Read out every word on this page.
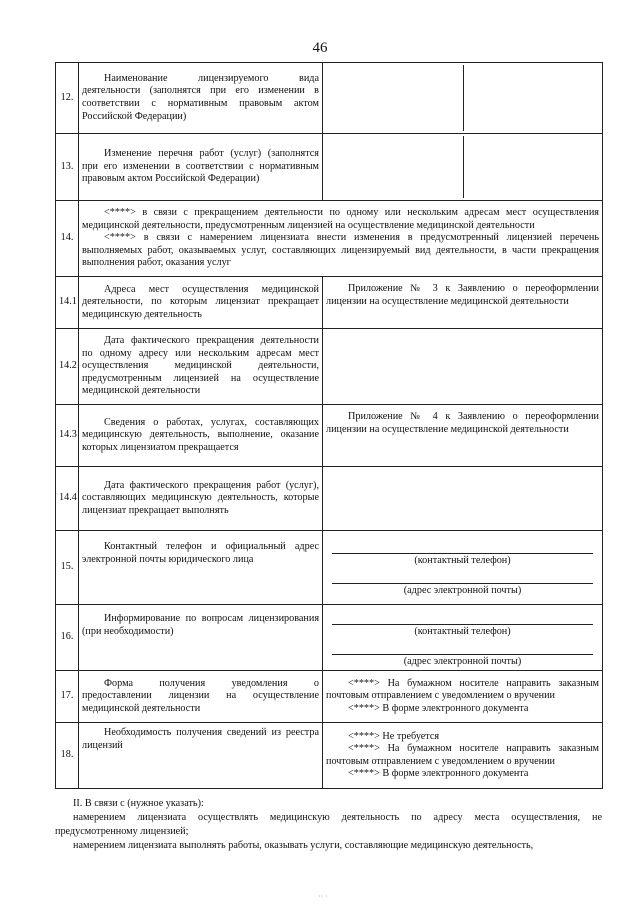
46
12.	Наименование лицензируемого вида деятельности (заполнятся при его изменении в соответствии с нормативным правовым актом Российской Федерации)	

13.	Изменение перечня работ (услуг) (заполнятся при его изменении в соответствии с нормативным правовым актом Российской Федерации)	

14.	<****> в связи с прекращением деятельности по одному или нескольким адресам мест осуществления медицинской деятельности, предусмотренным лицензией на осуществление медицинской деятельности
<****> в связи с намерением лицензиата внести изменения в предусмотренный лицензией перечень выполняемых работ, оказываемых услуг, составляющих лицензируемый вид деятельности, в части прекращения выполнения работ, оказания услуг	

14.1	Адреса мест осуществления медицинской деятельности, по которым лицензиат прекращает медицинскую деятельность	Приложение № 3 к Заявлению о переоформлении лицензии на осуществление медицинской деятельности
14.2	Дата фактического прекращения деятельности по одному адресу или нескольким адресам мест осуществления медицинской деятельности, предусмотренным лицензией на осуществление медицинской деятельности	
14.3	Сведения о работах, услугах, составляющих медицинскую деятельность, выполнение, оказание которых лицензиатом прекращается	Приложение № 4 к Заявлению о переоформлении лицензии на осуществление медицинской деятельности
14.4	Дата фактического прекращения работ (услуг), составляющих медицинскую деятельность, которые лицензиат прекращает выполнять	
15.	Контактный телефон и официальный адрес электронной почты юридического лица	(контактный телефон)
(адрес электронной почты)

16.	Информирование по вопросам лицензирования (при необходимости)	(контактный телефон)
(адрес электронной почты)

17.	Форма получения уведомления о предоставлении лицензии на осуществление медицинской деятельности	<****> На бумажном носителе направить заказным почтовым отправлением с уведомлением о вручении
<****> В форме электронного документа

18.	Необходимость получения сведений из реестра лицензий	<****> Не требуется
<****> На бумажном носителе направить заказным почтовым отправлением с уведомлением о вручении
<****> В форме электронного документа

II. В связи с (нужное указать):

намерением лицензиата осуществлять медицинскую деятельность по адресу места осуществления, не предусмотренному лицензией;

намерением лицензиата выполнять работы, оказывать услуги, составляющие медицинскую деятельность,

·· ·
